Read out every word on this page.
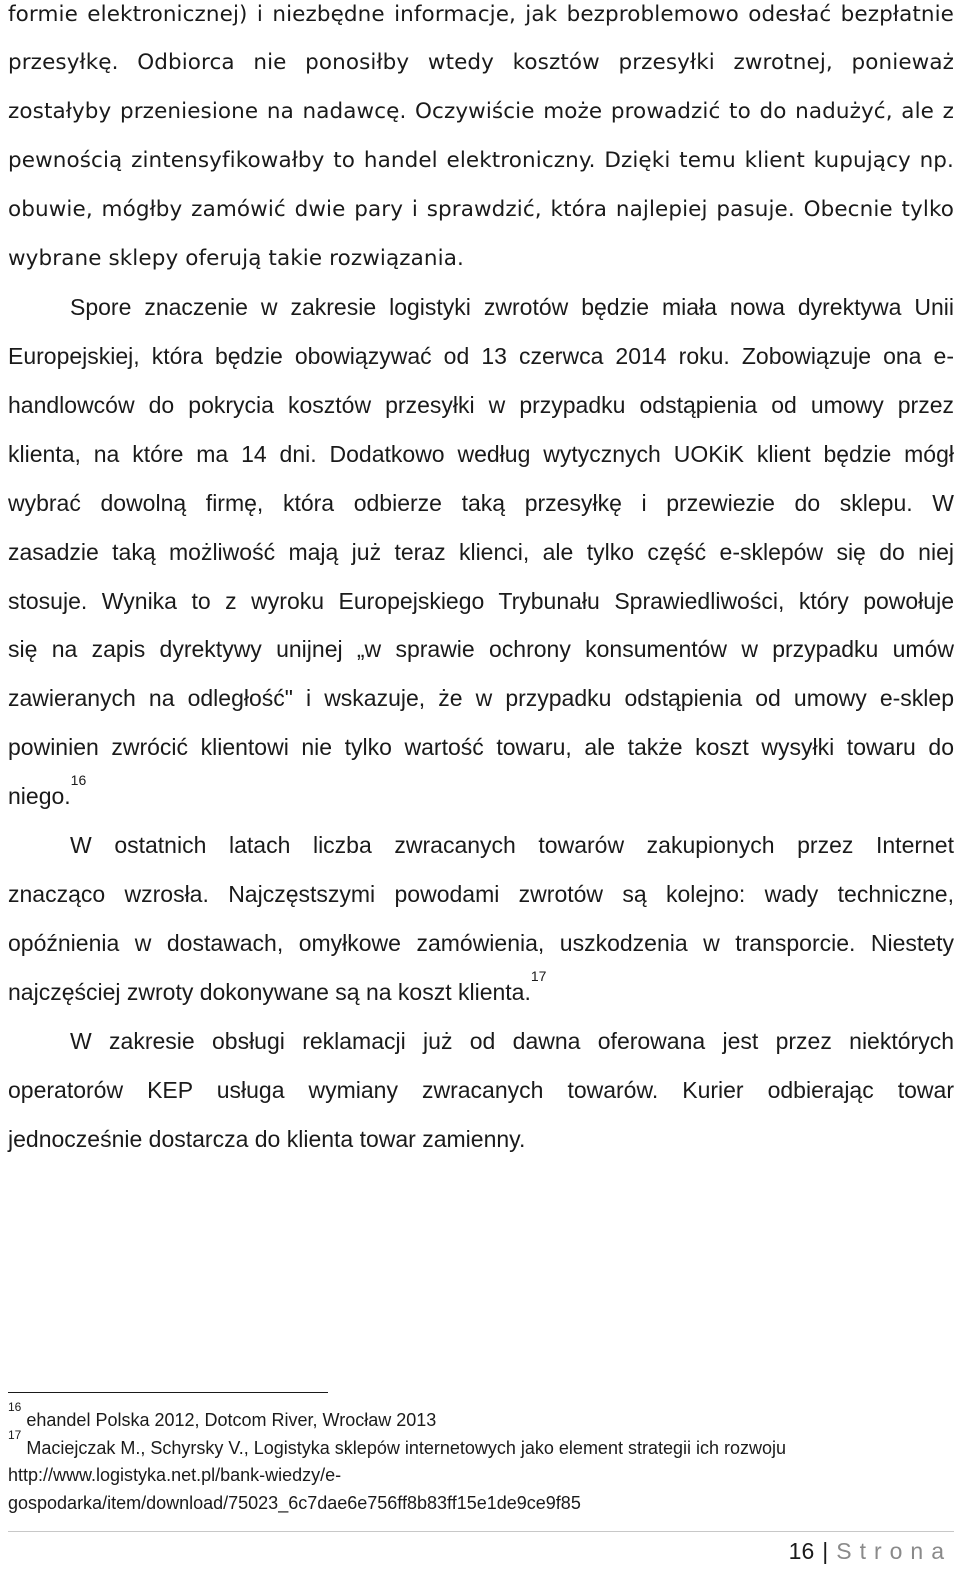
formie elektronicznej) i niezbędne informacje, jak bezproblemowo odesłać bezpłatnie
przesyłkę. Odbiorca nie ponosiłby wtedy kosztów przesyłki zwrotnej, ponieważ
zostałyby przeniesione na nadawcę. Oczywiście może prowadzić to do nadużyć, ale z
pewnością zintensyfikowałby to handel elektroniczny. Dzięki temu klient kupujący np.
obuwie, mógłby zamówić dwie pary i sprawdzić, która najlepiej pasuje. Obecnie tylko
wybrane sklepy oferują takie rozwiązania.
Spore znaczenie w zakresie logistyki zwrotów będzie miała nowa dyrektywa Unii
Europejskiej, która będzie obowiązywać od 13 czerwca 2014 roku. Zobowiązuje ona e-
handlowców do pokrycia kosztów przesyłki w przypadku odstąpienia od umowy przez
klienta, na które ma 14 dni. Dodatkowo według wytycznych UOKiK klient będzie mógł
wybrać dowolną firmę, która odbierze taką przesyłkę i przewiezie do sklepu. W
zasadzie taką możliwość mają już teraz klienci, ale tylko część e-sklepów się do niej
stosuje. Wynika to z wyroku Europejskiego Trybunału Sprawiedliwości, który powołuje
się na zapis dyrektywy unijnej „w sprawie ochrony konsumentów w przypadku umów
zawieranych na odległość" i wskazuje, że w przypadku odstąpienia od umowy e-sklep
powinien zwrócić klientowi nie tylko wartość towaru, ale także koszt wysyłki towaru do
niego.$^{16}$
W ostatnich latach liczba zwracanych towarów zakupionych przez Internet
znacząco wzrosła. Najczęstszymi powodami zwrotów są kolejno: wady techniczne,
opóźnienia w dostawach, omyłkowe zamówienia, uszkodzenia w transporcie. Niestety
najczęściej zwroty dokonywane są na koszt klienta.$^{17}$
W zakresie obsługi reklamacji już od dawna oferowana jest przez niektórych
operatorów KEP usługa wymiany zwracanych towarów. Kurier odbierając towar
jednocześnie dostarcza do klienta towar zamienny.
$^{16}$ ehandel Polska 2012, Dotcom River, Wrocław 2013
$^{17}$ Maciejczak M., Schyrsky V., Logistyka sklepów internetowych jako element strategii ich rozwoju
http://www.logistyka.net.pl/bank-wiedzy/e-
gospodarka/item/download/75023_6c7dae6e756ff8b83ff15e1de9ce9f85
16 | Strona
